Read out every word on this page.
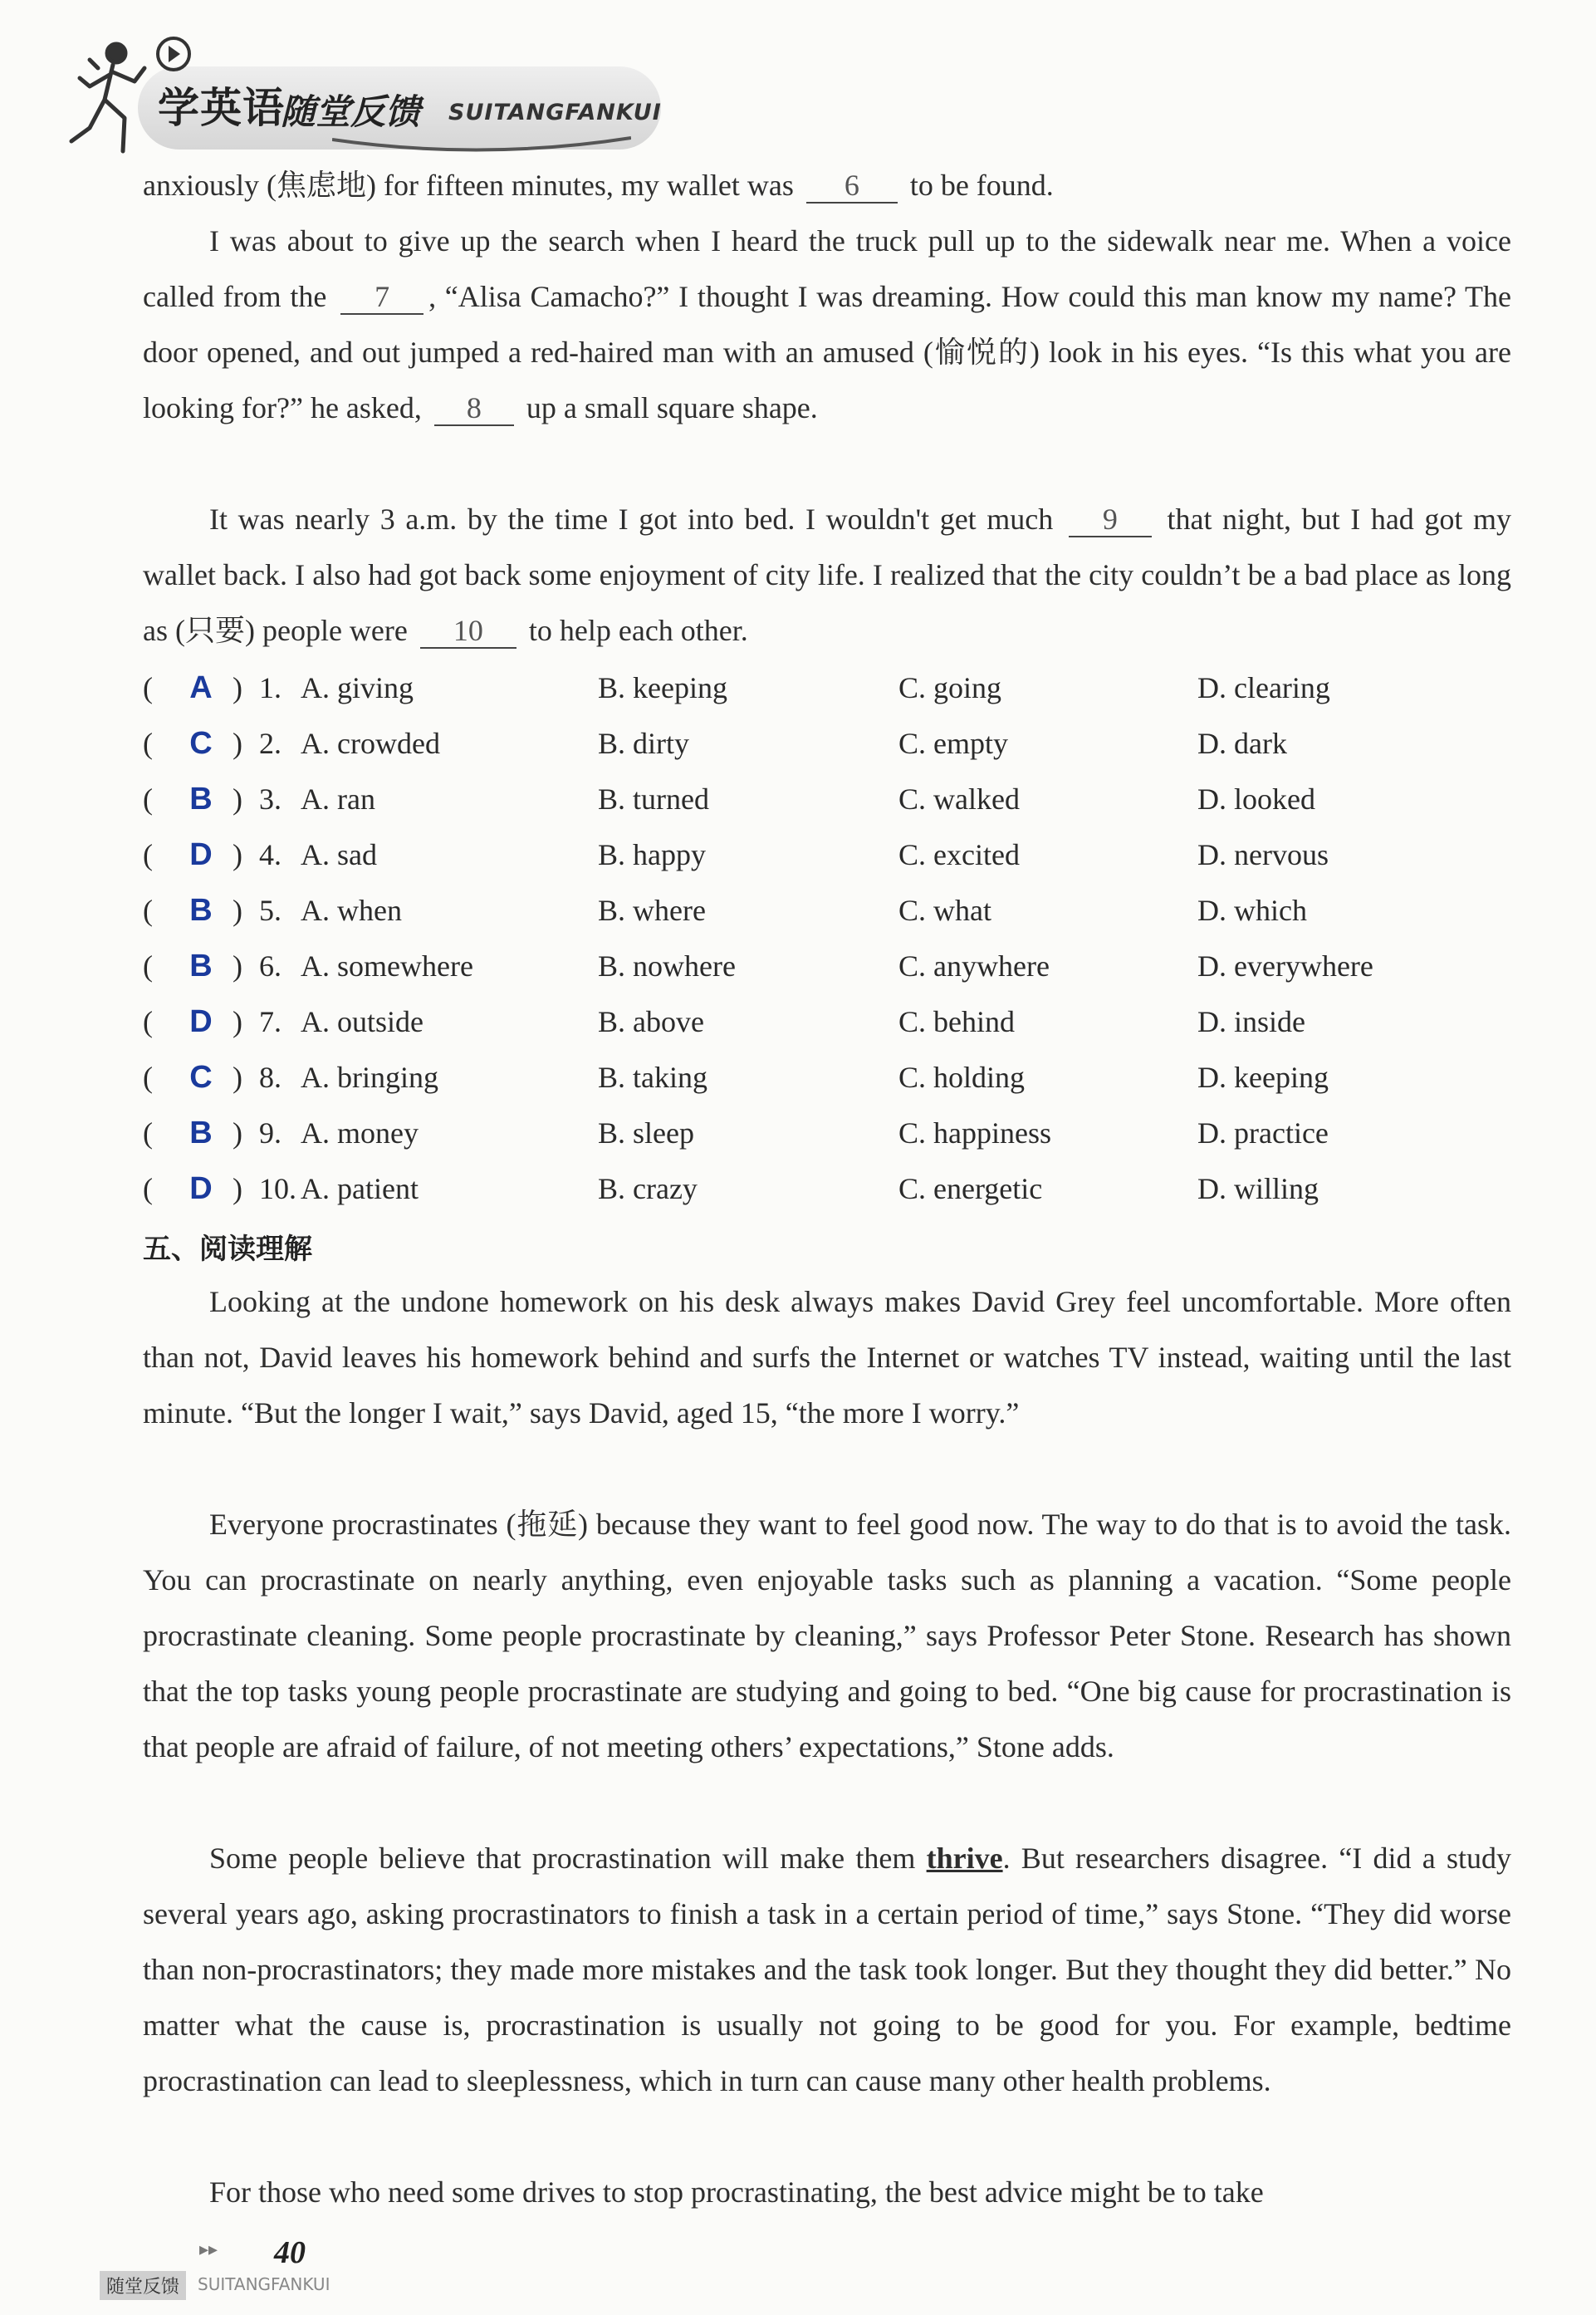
学英语
随堂反馈 SUITANGFANKUI
anxiously (焦虑地) for fifteen minutes, my wallet was 6 to be found.
I was about to give up the search when I heard the truck pull up to the sidewalk near me. When a voice called from the 7 , “Alisa Camacho?” I thought I was dreaming. How could this man know my name? The door opened, and out jumped a red-haired man with an amused (愉悦的) look in his eyes. “Is this what you are looking for?” he asked, 8 up a small square shape.
It was nearly 3 a.m. by the time I got into bed. I wouldn't get much 9 that night, but I had got my wallet back. I also had got back some enjoyment of city life. I realized that the city couldn’t be a bad place as long as (只要) people were 10 to help each other.
(	A ) 1. A. giving	B. keeping	C. going	D. clearing
(	C ) 2. A. crowded	B. dirty	C. empty	D. dark
(	B ) 3. A. ran	B. turned	C. walked	D. looked
(	D ) 4. A. sad	B. happy	C. excited	D. nervous
(	B ) 5. A. when	B. where	C. what	D. which
(	B ) 6. A. somewhere	B. nowhere	C. anywhere	D. everywhere
(	D ) 7. A. outside	B. above	C. behind	D. inside
(	C ) 8. A. bringing	B. taking	C. holding	D. keeping
(	B ) 9. A. money	B. sleep	C. happiness	D. practice
(	D ) 10. A. patient	B. crazy	C. energetic	D. willing
五、阅读理解
Looking at the undone homework on his desk always makes David Grey feel uncomfortable. More often than not, David leaves his homework behind and surfs the Internet or watches TV instead, waiting until the last minute. “But the longer I wait,” says David, aged 15, “the more I worry.”
Everyone procrastinates (拖延) because they want to feel good now. The way to do that is to avoid the task. You can procrastinate on nearly anything, even enjoyable tasks such as planning a vacation. “Some people procrastinate cleaning. Some people procrastinate by cleaning,” says Professor Peter Stone. Research has shown that the top tasks young people procrastinate are studying and going to bed. “One big cause for procrastination is that people are afraid of failure, of not meeting others’ expectations,” Stone adds.
Some people believe that procrastination will make them thrive. But researchers disagree. “I did a study several years ago, asking procrastinators to finish a task in a certain period of time,” says Stone. “They did worse than non-procrastinators; they made more mistakes and the task took longer. But they thought they did better.” No matter what the cause is, procrastination is usually not going to be good for you. For example, bedtime procrastination can lead to sleeplessness, which in turn can cause many other health problems.
For those who need some drives to stop procrastinating, the best advice might be to take
▸▸ 40
随堂反馈	SUITANGFANKUI
